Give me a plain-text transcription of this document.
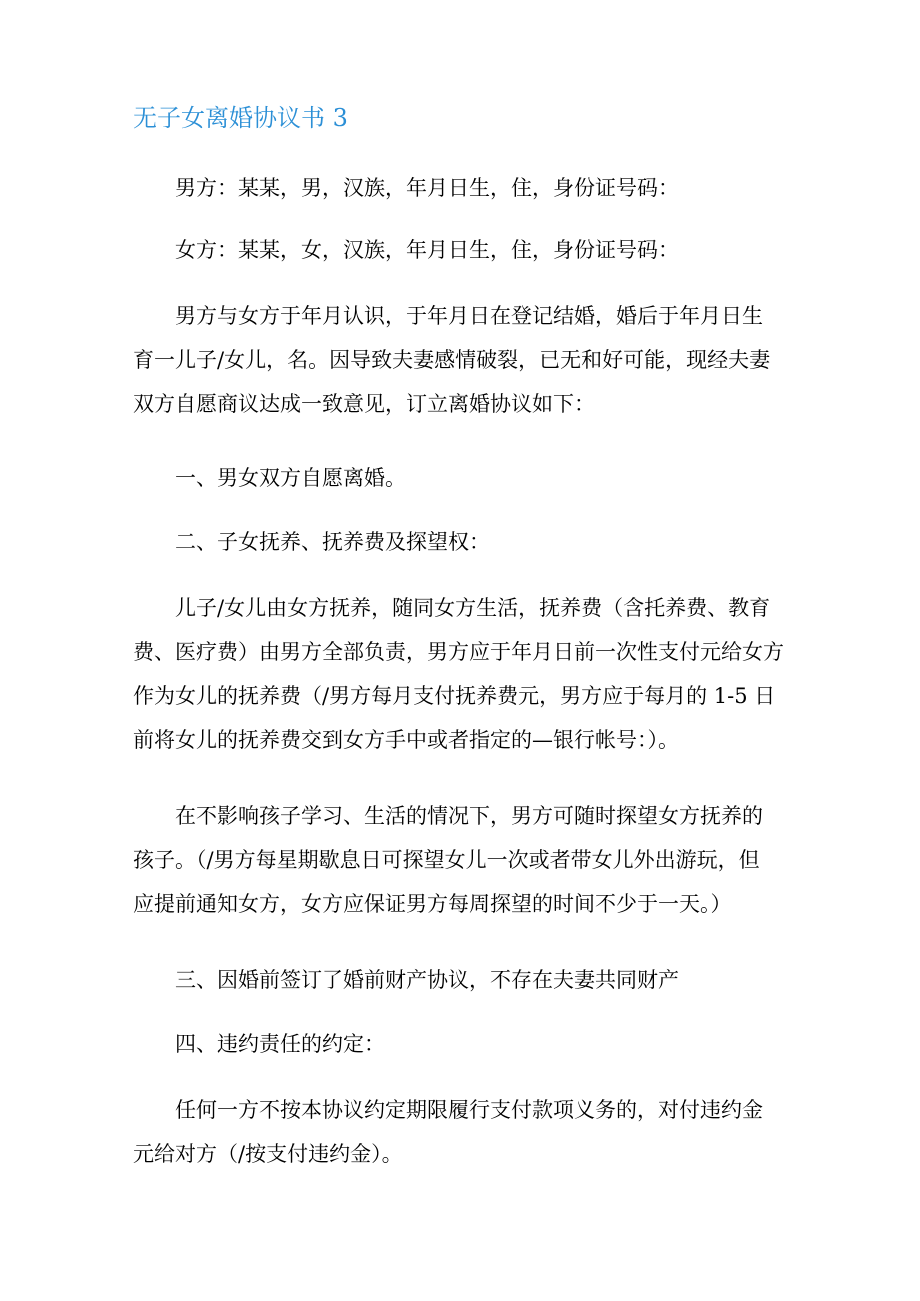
无子女离婚协议书 3

男方：某某，男，汉族，年月日生，住，身份证号码：

女方：某某，女，汉族，年月日生，住，身份证号码：

男方与女方于年月认识，于年月日在登记结婚，婚后于年月日生
育一儿子/女儿，名。因导致夫妻感情破裂，已无和好可能，现经夫妻
双方自愿商议达成一致意见，订立离婚协议如下：

一、男女双方自愿离婚。

二、子女抚养、抚养费及探望权：

儿子/女儿由女方抚养，随同女方生活，抚养费（含托养费、教育
费、医疗费）由男方全部负责，男方应于年月日前一次性支付元给女方
作为女儿的抚养费（/男方每月支付抚养费元，男方应于每月的 1-5 日
前将女儿的抚养费交到女方手中或者指定的—银行帐号：）。

在不影响孩子学习、生活的情况下，男方可随时探望女方抚养的
孩子。（/男方每星期歇息日可探望女儿一次或者带女儿外出游玩，但
应提前通知女方，女方应保证男方每周探望的时间不少于一天。）

三、因婚前签订了婚前财产协议，不存在夫妻共同财产

四、违约责任的约定：

任何一方不按本协议约定期限履行支付款项义务的，对付违约金
元给对方（/按支付违约金）。
